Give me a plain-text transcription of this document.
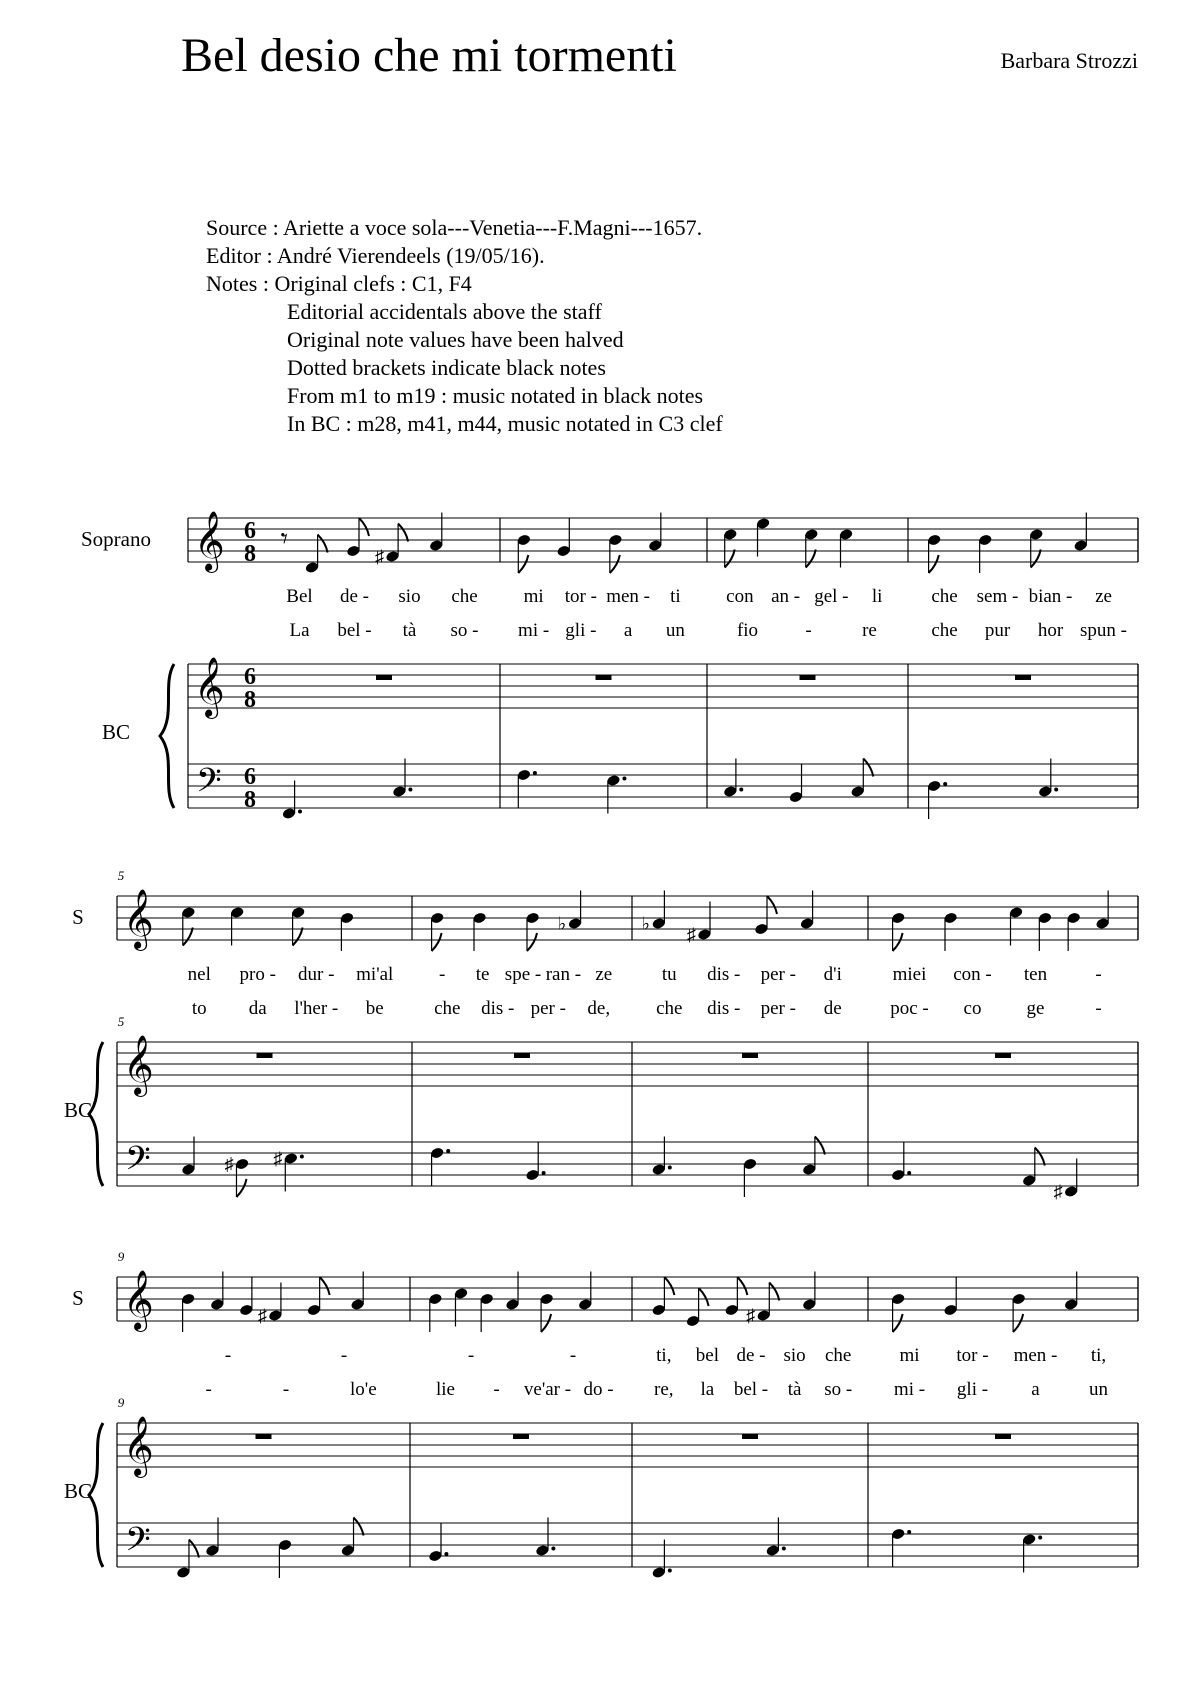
Bel desio che mi tormenti	Barbara Strozzi
Source : Ariette a voce sola---Venetia---F.Magni---1657.
Editor : André Vierendeels (19/05/16).
Notes : Original clefs : C1, F4
Editorial accidentals above the staff
Original note values have been halved
Dotted brackets indicate black notes
From m1 to m19 : music notated in black notes
In BC : m28, m41, m44, music notated in C3 clef
𝄞
𝄞
𝄢
6
8
6
8
6
8
Soprano
BC
𝄾
♯
Bel de - sio che
La bel - tà so -
mi tor - men - ti
mi - gli - a un
con an - gel - li
fio -	re
che sem - bian - ze
che pur hor spun -
𝄞
𝄞
𝄢
S
BC
5
5
♯ ♯
nel pro - dur - mi'al
to da l'her - be
♭
- te spe - ran - ze
che dis - per - de,
♭
♯
tu dis - per - d'i
che dis - per - de
♯
miei con - ten	-
poc - co ge	-
𝄞
𝄞
𝄢
S
BC
9
9
♯
-	-
-	-	lo'e
-	-
lie - ve'ar - do -
♯
ti, bel de - sio che
re, la bel - tà so -
mi tor - men - ti,
mi - gli - a	un
